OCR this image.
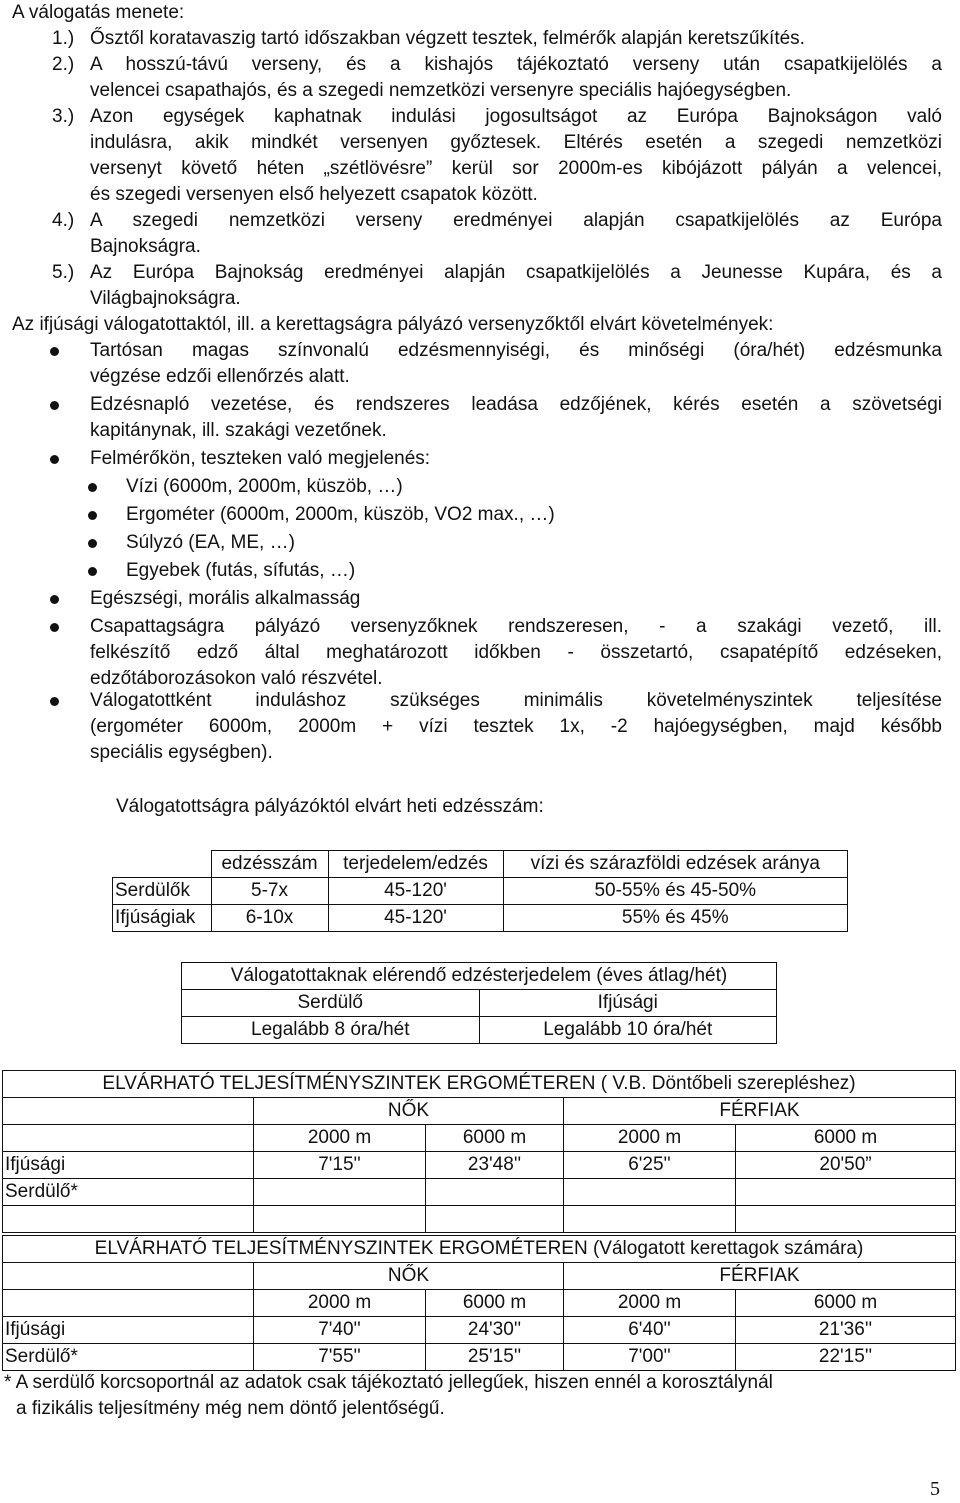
A válogatás menete:
1.) Ősztől koratavaszig tartó időszakban végzett tesztek, felmérők alapján keretszűkítés.
2.) A hosszú-távú verseny, és a kishajós tájékoztató verseny után csapatkijelölés a
velencei csapathajós, és a szegedi nemzetközi versenyre speciális hajóegységben.
3.) Azon egységek kaphatnak indulási jogosultságot az Európa Bajnokságon való
indulásra, akik mindkét versenyen győztesek. Eltérés esetén a szegedi nemzetközi
versenyt követő héten „szétlövésre” kerül sor 2000m-es kibójázott pályán a velencei,
és szegedi versenyen első helyezett csapatok között.
4.) A szegedi nemzetközi verseny eredményei alapján csapatkijelölés az Európa
Bajnokságra.
5.) Az Európa Bajnokság eredményei alapján csapatkijelölés a Jeunesse Kupára, és a
Világbajnokságra.
Az ifjúsági válogatottaktól, ill. a kerettagságra pályázó versenyzőktől elvárt követelmények:
Tartósan magas színvonalú edzésmennyiségi, és minőségi (óra/hét) edzésmunka
végzése edzői ellenőrzés alatt.
Edzésnapló vezetése, és rendszeres leadása edzőjének, kérés esetén a szövetségi
kapitánynak, ill. szakági vezetőnek.
Felmérőkön, teszteken való megjelenés:
Vízi (6000m, 2000m, küszöb, …)
Ergométer (6000m, 2000m, küszöb, VO2 max., …)
Súlyzó (EA, ME, …)
Egyebek (futás, sífutás, …)
Egészségi, morális alkalmasság
Csapattagságra pályázó versenyzőknek rendszeresen, - a szakági vezető, ill.
felkészítő edző által meghatározott időkben - összetartó, csapatépítő edzéseken,
edzőtáborozásokon való részvétel.
Válogatottként induláshoz szükséges minimális követelményszintek teljesítése
(ergométer 6000m, 2000m + vízi tesztek 1x, -2 hajóegységben, majd később
speciális egységben).
Válogatottságra pályázóktól elvárt heti edzésszám:
	edzésszám	terjedelem/edzés	vízi és szárazföldi edzések aránya
Serdülők	5-7x	45-120'	50-55% és 45-50%
Ifjúságiak	6-10x	45-120'	55% és 45%
Válogatottaknak elérendő edzésterjedelem (éves átlag/hét)	
Serdülő	Ifjúsági
Legalább 8 óra/hét	Legalább 10 óra/hét
ELVÁRHATÓ TELJESÍTMÉNYSZINTEK ERGOMÉTEREN ( V.B. Döntőbeli szerepléshez)				
	NŐK		FÉRFIAK	
	2000 m	6000 m	2000 m	6000 m
Ifjúsági	7'15''	23'48''	6'25''	20'50”
Serdülő*				

ELVÁRHATÓ TELJESÍTMÉNYSZINTEK ERGOMÉTEREN (Válogatott kerettagok számára)				
	NŐK		FÉRFIAK	
	2000 m	6000 m	2000 m	6000 m
Ifjúsági	7'40''	24'30''	6'40''	21'36''
Serdülő*	7'55''	25'15''	7'00''	22'15''
* A serdülő korcsoportnál az adatok csak tájékoztató jellegűek, hiszen ennél a korosztálynál
a fizikális teljesítmény még nem döntő jelentőségű.
5
